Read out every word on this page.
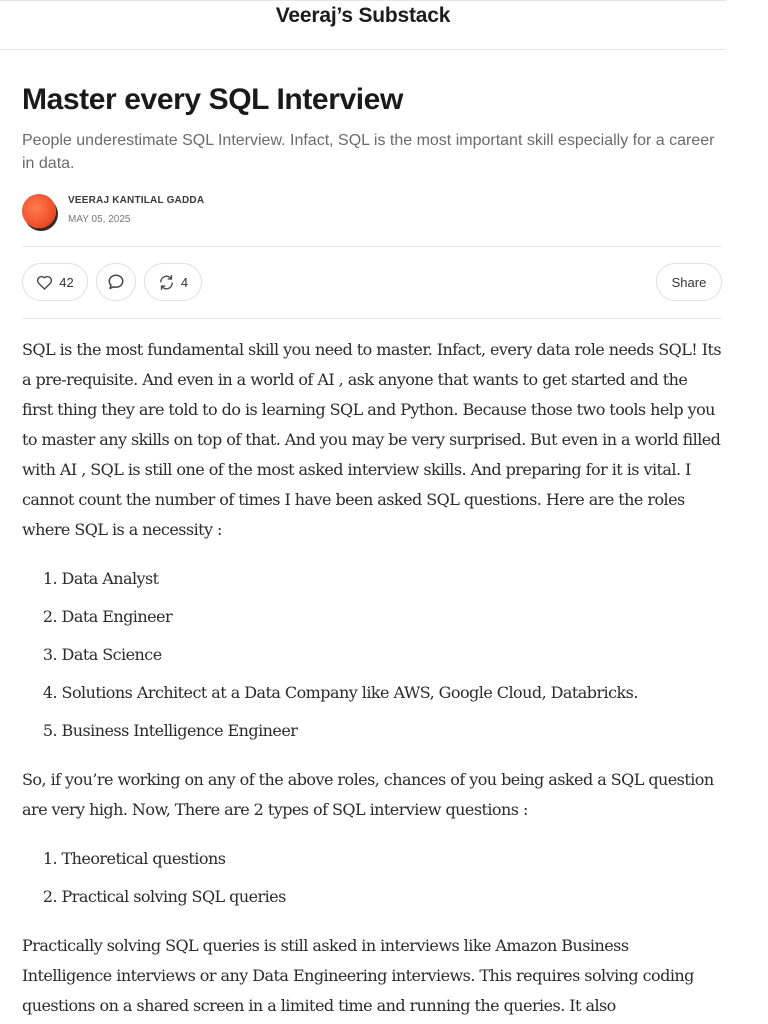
Veeraj’s Substack
Master every SQL Interview

People underestimate SQL Interview. Infact, SQL is the most important skill especially for a career in data.

VEERAJ KANTILAL GADDA
MAY 05, 2025
42	4	Share

SQL is the most fundamental skill you need to master. Infact, every data role needs SQL! Its a pre-requisite. And even in a world of AI , ask anyone that wants to get started and the first thing they are told to do is learning SQL and Python. Because those two tools help you to master any skills on top of that. And you may be very surprised. But even in a world filled with AI , SQL is still one of the most asked interview skills. And preparing for it is vital. I cannot count the number of times I have been asked SQL questions. Here are the roles where SQL is a necessity :

1. Data Analyst
2. Data Engineer
3. Data Science
4. Solutions Architect at a Data Company like AWS, Google Cloud, Databricks.
5. Business Intelligence Engineer

So, if you’re working on any of the above roles, chances of you being asked a SQL question are very high. Now, There are 2 types of SQL interview questions :

1. Theoretical questions
2. Practical solving SQL queries

Practically solving SQL queries is still asked in interviews like Amazon Business Intelligence interviews or any Data Engineering interviews. This requires solving coding questions on a shared screen in a limited time and running the queries. It also
